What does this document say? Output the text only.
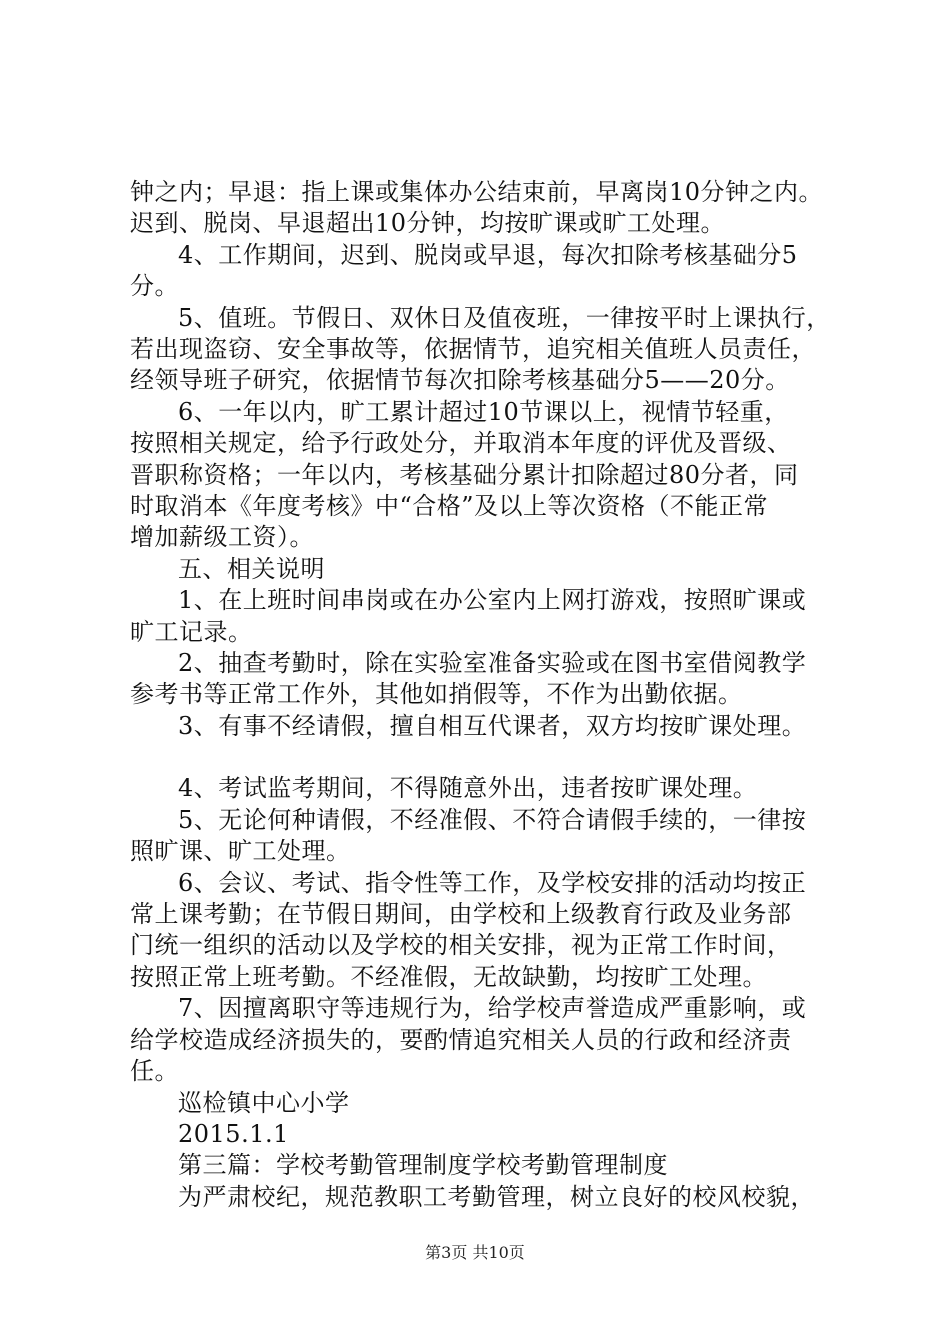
钟之内；早退：指上课或集体办公结束前，早离岗10分钟之内。
迟到、脱岗、早退超出10分钟，均按旷课或旷工处理。
4、工作期间，迟到、脱岗或早退，每次扣除考核基础分5
分。
5、值班。节假日、双休日及值夜班，一律按平时上课执行，
若出现盗窃、安全事故等，依据情节，追究相关值班人员责任，
经领导班子研究，依据情节每次扣除考核基础分5——20分。
6、一年以内，旷工累计超过10节课以上，视情节轻重，
按照相关规定，给予行政处分，并取消本年度的评优及晋级、
晋职称资格；一年以内，考核基础分累计扣除超过80分者，同
时取消本《年度考核》中“合格”及以上等次资格（不能正常
增加薪级工资）。
五、相关说明
1、在上班时间串岗或在办公室内上网打游戏，按照旷课或
旷工记录。
2、抽查考勤时，除在实验室准备实验或在图书室借阅教学
参考书等正常工作外，其他如捎假等，不作为出勤依据。
3、有事不经请假，擅自相互代课者，双方均按旷课处理。
4、考试监考期间，不得随意外出，违者按旷课处理。
5、无论何种请假，不经准假、不符合请假手续的，一律按
照旷课、旷工处理。
6、会议、考试、指令性等工作，及学校安排的活动均按正
常上课考勤；在节假日期间，由学校和上级教育行政及业务部
门统一组织的活动以及学校的相关安排，视为正常工作时间，
按照正常上班考勤。不经准假，无故缺勤，均按旷工处理。
7、因擅离职守等违规行为，给学校声誉造成严重影响，或
给学校造成经济损失的，要酌情追究相关人员的行政和经济责
任。
巡检镇中心小学
2015.1.1
第三篇：学校考勤管理制度学校考勤管理制度
为严肃校纪，规范教职工考勤管理，树立良好的校风校貌，
第3页 共10页
